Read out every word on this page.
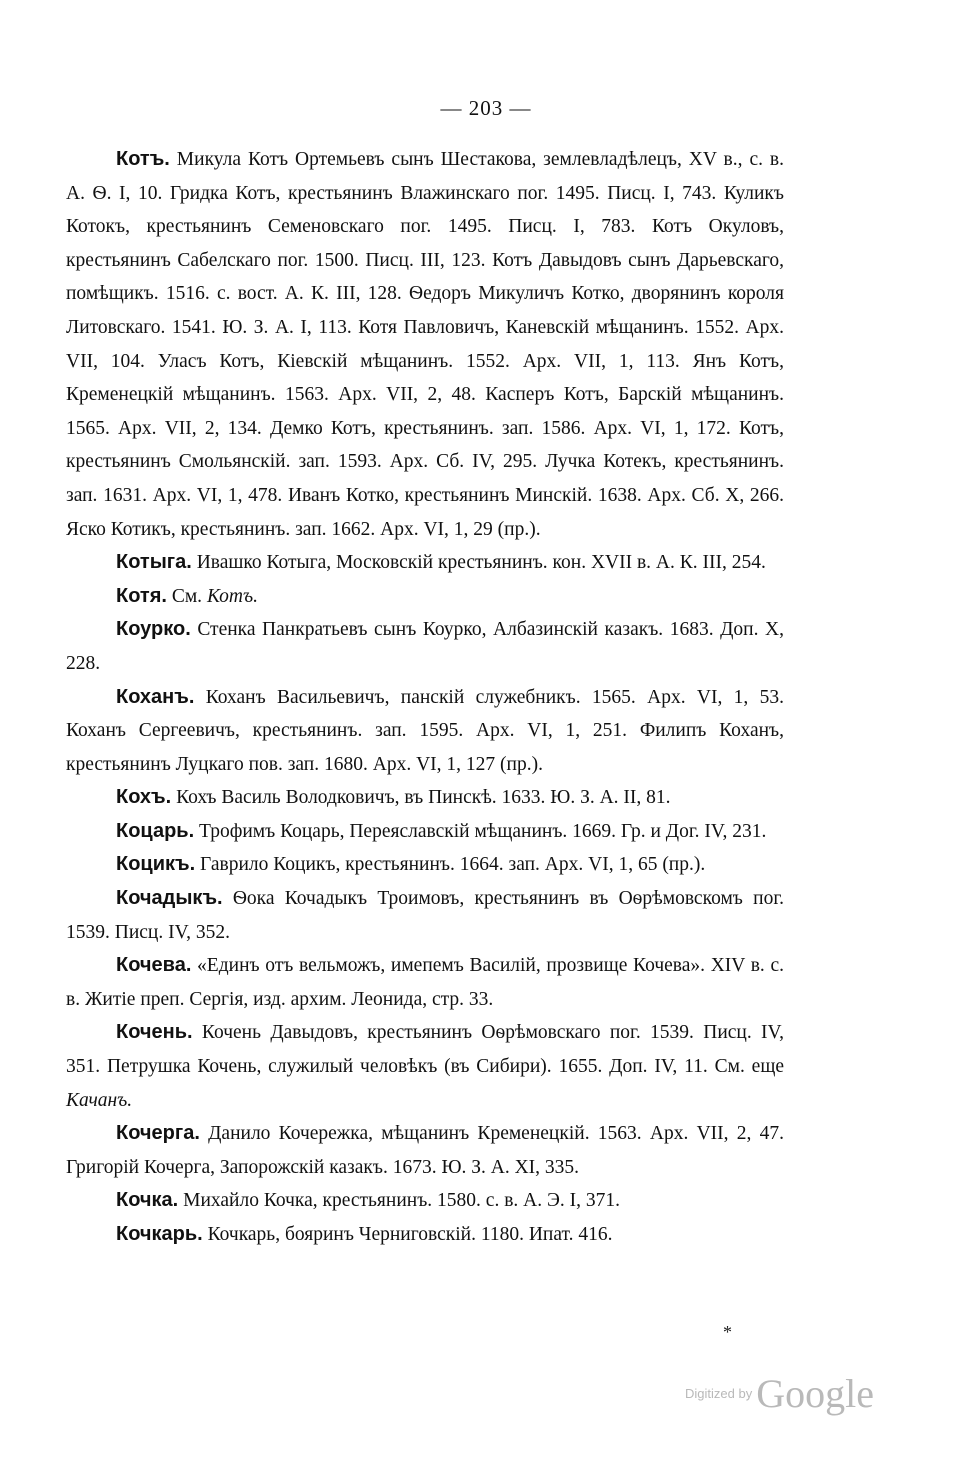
— 203 —

Котъ. Микула Котъ Ортемьевъ сынъ Шестакова, землевладѣлецъ, XV в., с. в. А. Ѳ. I, 10. Гридка Котъ, крестьянинъ Влажинскаго пог. 1495. Писц. I, 743. Куликъ Котокъ, крестьянинъ Семеновскаго пог. 1495. Писц. I, 783. Котъ Окуловъ, крестьянинъ Сабелскаго пог. 1500. Писц. III, 123. Котъ Давыдовъ сынъ Дарьевскаго, помѣщикъ. 1516. с. вост. А. К. III, 128. Ѳедоръ Микуличъ Котко, дворянинъ короля Литовскаго. 1541. Ю. З. А. I, 113. Котя Павловичъ, Каневскій мѣщанинъ. 1552. Арх. VII, 104. Уласъ Котъ, Кіевскій мѣщанинъ. 1552. Арх. VII, 1, 113. Янъ Котъ, Кременецкій мѣщанинъ. 1563. Арх. VII, 2, 48. Касперъ Котъ, Барскій мѣщанинъ. 1565. Арх. VII, 2, 134. Демко Котъ, крестьянинъ. зап. 1586. Арх. VI, 1, 172. Котъ, крестьянинъ Смольянскій. зап. 1593. Арх. Сб. IV, 295. Лучка Котекъ, крестьянинъ. зап. 1631. Арх. VI, 1, 478. Иванъ Котко, крестьянинъ Минскій. 1638. Арх. Сб. X, 266. Яско Котикъ, крестьянинъ. зап. 1662. Арх. VI, 1, 29 (пр.).

Котыга. Ивашко Котыга, Московскій крестьянинъ. кон. XVII в. А. К. III, 254.

Котя. См. Котъ.

Коурко. Стенка Панкратьевъ сынъ Коурко, Албазинскій казакъ. 1683. Доп. X, 228.

Коханъ. Коханъ Васильевичъ, панскій служебникъ. 1565. Арх. VI, 1, 53. Коханъ Сергеевичъ, крестьянинъ. зап. 1595. Арх. VI, 1, 251. Филипъ Коханъ, крестьянинъ Луцкаго пов. зап. 1680. Арх. VI, 1, 127 (пр.).

Кохъ. Кохъ Василь Володковичъ, въ Пинскѣ. 1633. Ю. З. А. II, 81.

Коцарь. Трофимъ Коцарь, Переяславскій мѣщанинъ. 1669. Гр. и Дог. IV, 231.

Коцикъ. Гаврило Коцикъ, крестьянинъ. 1664. зап. Арх. VI, 1, 65 (пр.).

Кочадыкъ. Ѳока Кочадыкъ Троимовъ, крестьянинъ въ Оѳрѣмовскомъ пог. 1539. Писц. IV, 352.

Кочева. «Единъ отъ вельможъ, имепемъ Василій, прозвище Кочева». XIV в. с. в. Житіе преп. Сергія, изд. архим. Леонида, стр. 33.

Кочень. Кочень Давыдовъ, крестьянинъ Оѳрѣмовскаго пог. 1539. Писц. IV, 351. Петрушка Кочень, служилый человѣкъ (въ Сибири). 1655. Доп. IV, 11. См. еще Качанъ.

Кочерга. Данило Кочережка, мѣщанинъ Кременецкій. 1563. Арх. VII, 2, 47. Григорій Кочерга, Запорожскій казакъ. 1673. Ю. З. А. XI, 335.

Кочка. Михайло Кочка, крестьянинъ. 1580. с. в. А. Э. I, 371.

Кочкарь. Кочкарь, бояринъ Черниговскій. 1180. Ипат. 416.

*
Digitized by Google
